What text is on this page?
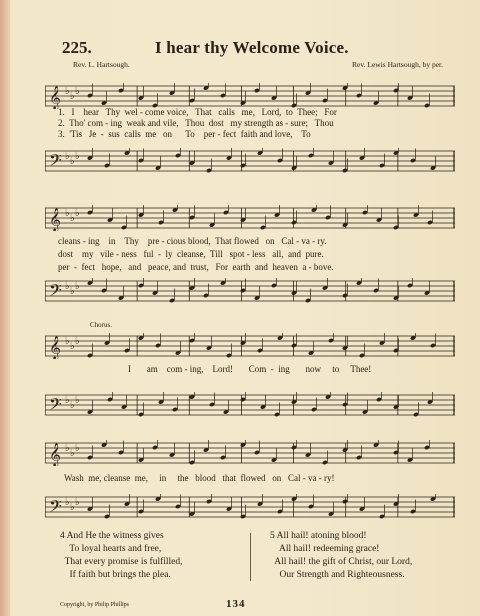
225.	I hear thy Welcome Voice.
Rev. L. Hartsough.	Rev. Lewis Hartsough, by per.
𝄞 ♭ ♭ ♭
1.   I    hear   Thy  wel - come voice,   That   calls   me,   Lord,  to  Thee;   For
2.  Tho' com - ing  weak and vile,   Thou  dost   my strength as - sure;   Thou
3.  'Tis   Je  -  sus  calls  me   on      To    per - fect  faith and love,    To
𝄢 ♭ ♭ ♭
𝄞 ♭ ♭ ♭
cleans - ing    in    Thy    pre - cious blood,  That flowed   on   Cal - va - ry.
dost    my   vile - ness   ful  -  ly  cleanse,  Till   spot - less   all,  and  pure.
per  -  fect   hope,   and   peace, and  trust,   For  earth  and  heaven  a - bove.
𝄢 ♭ ♭ ♭
Chorus.
𝄞 ♭ ♭ ♭
I       am    com - ing,    Lord!       Com  -  ing       now     to     Thee!
𝄢 ♭ ♭ ♭
𝄞 ♭ ♭ ♭
Wash  me, cleanse  me,     in     the   blood   that  flowed   on   Cal - va - ry!
𝄢 ♭ ♭ ♭
4 And He the witness gives
To loyal hearts and free,
That every promise is fulfilled,
If faith but brings the plea.
5 All hail! atoning blood!
All hail! redeeming grace!
All hail! the gift of Christ, our Lord,
Our Strength and Righteousness.
Copyright, by Philip Phillips	134
